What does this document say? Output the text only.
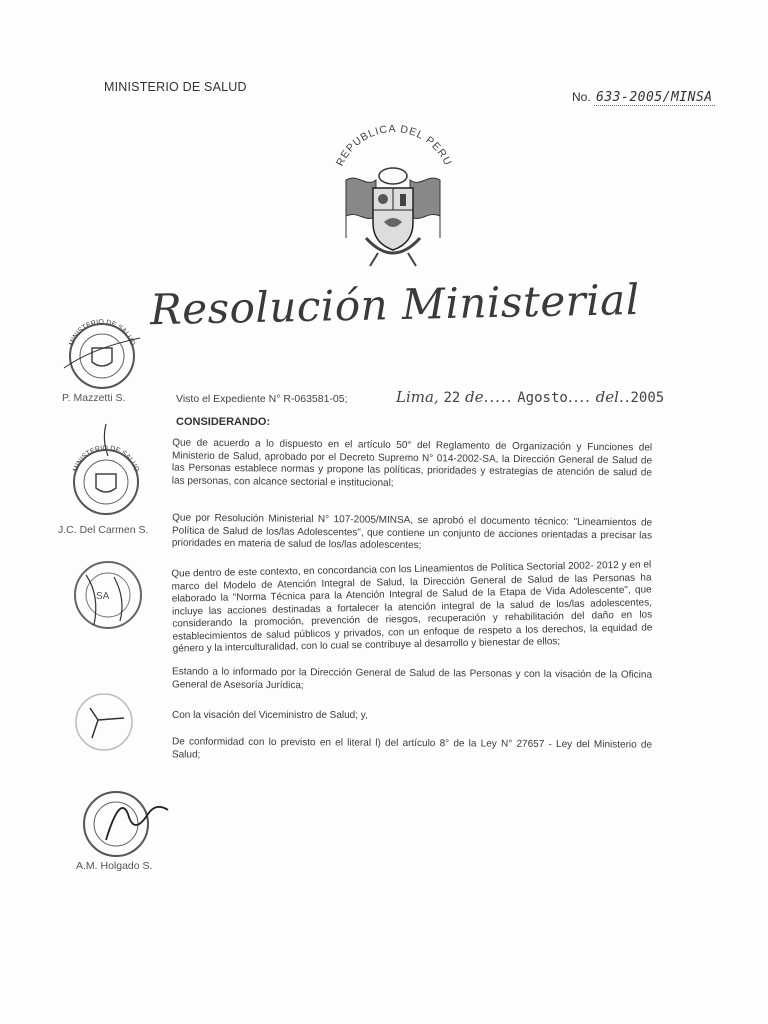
MINISTERIO DE SALUD
No. 633-2005/MINSA
REPUBLICA DEL PERU
Resolución Ministerial
MINISTERIO DE SALUD
P. Mazzetti S.
MINISTERIO DE SALUD
J.C. Del Carmen S.
SA
A.M. Holgado S.
Visto el Expediente N° R-063581-05;	Lima, 22 de..... Agosto.... del..2005
CONSIDERANDO:
Que de acuerdo a lo dispuesto en el artículo 50° del Reglamento de Organización y Funciones del Ministerio de Salud, aprobado por el Decreto Supremo N° 014-2002-SA, la Dirección General de Salud de las Personas establece normas y propone las políticas, prioridades y estrategias de atención de salud de las personas, con alcance sectorial e institucional;
Que por Resolución Ministerial N° 107-2005/MINSA, se aprobó el documento técnico: "Lineamientos de Política de Salud de los/las Adolescentes", que contiene un conjunto de acciones orientadas a precisar las prioridades en materia de salud de los/las adolescentes;
Que dentro de este contexto, en concordancia con los Lineamientos de Política Sectorial 2002- 2012 y en el marco del Modelo de Atención Integral de Salud, la Dirección General de Salud de las Personas ha elaborado la "Norma Técnica para la Atención Integral de Salud de la Etapa de Vida Adolescente", que incluye las acciones destinadas a fortalecer la atención integral de la salud de los/las adolescentes, considerando la promoción, prevención de riesgos, recuperación y rehabilitación del daño en los establecimientos de salud públicos y privados, con un enfoque de respeto a los derechos, la equidad de género y la interculturalidad, con lo cual se contribuye al desarrollo y bienestar de ellos;
Estando a lo informado por la Dirección General de Salud de las Personas y con la visación de la Oficina General de Asesoría Jurídica;
Con la visación del Viceministro de Salud; y,
De conformidad con lo previsto en el literal l) del artículo 8° de la Ley N° 27657 - Ley del Ministerio de Salud;
